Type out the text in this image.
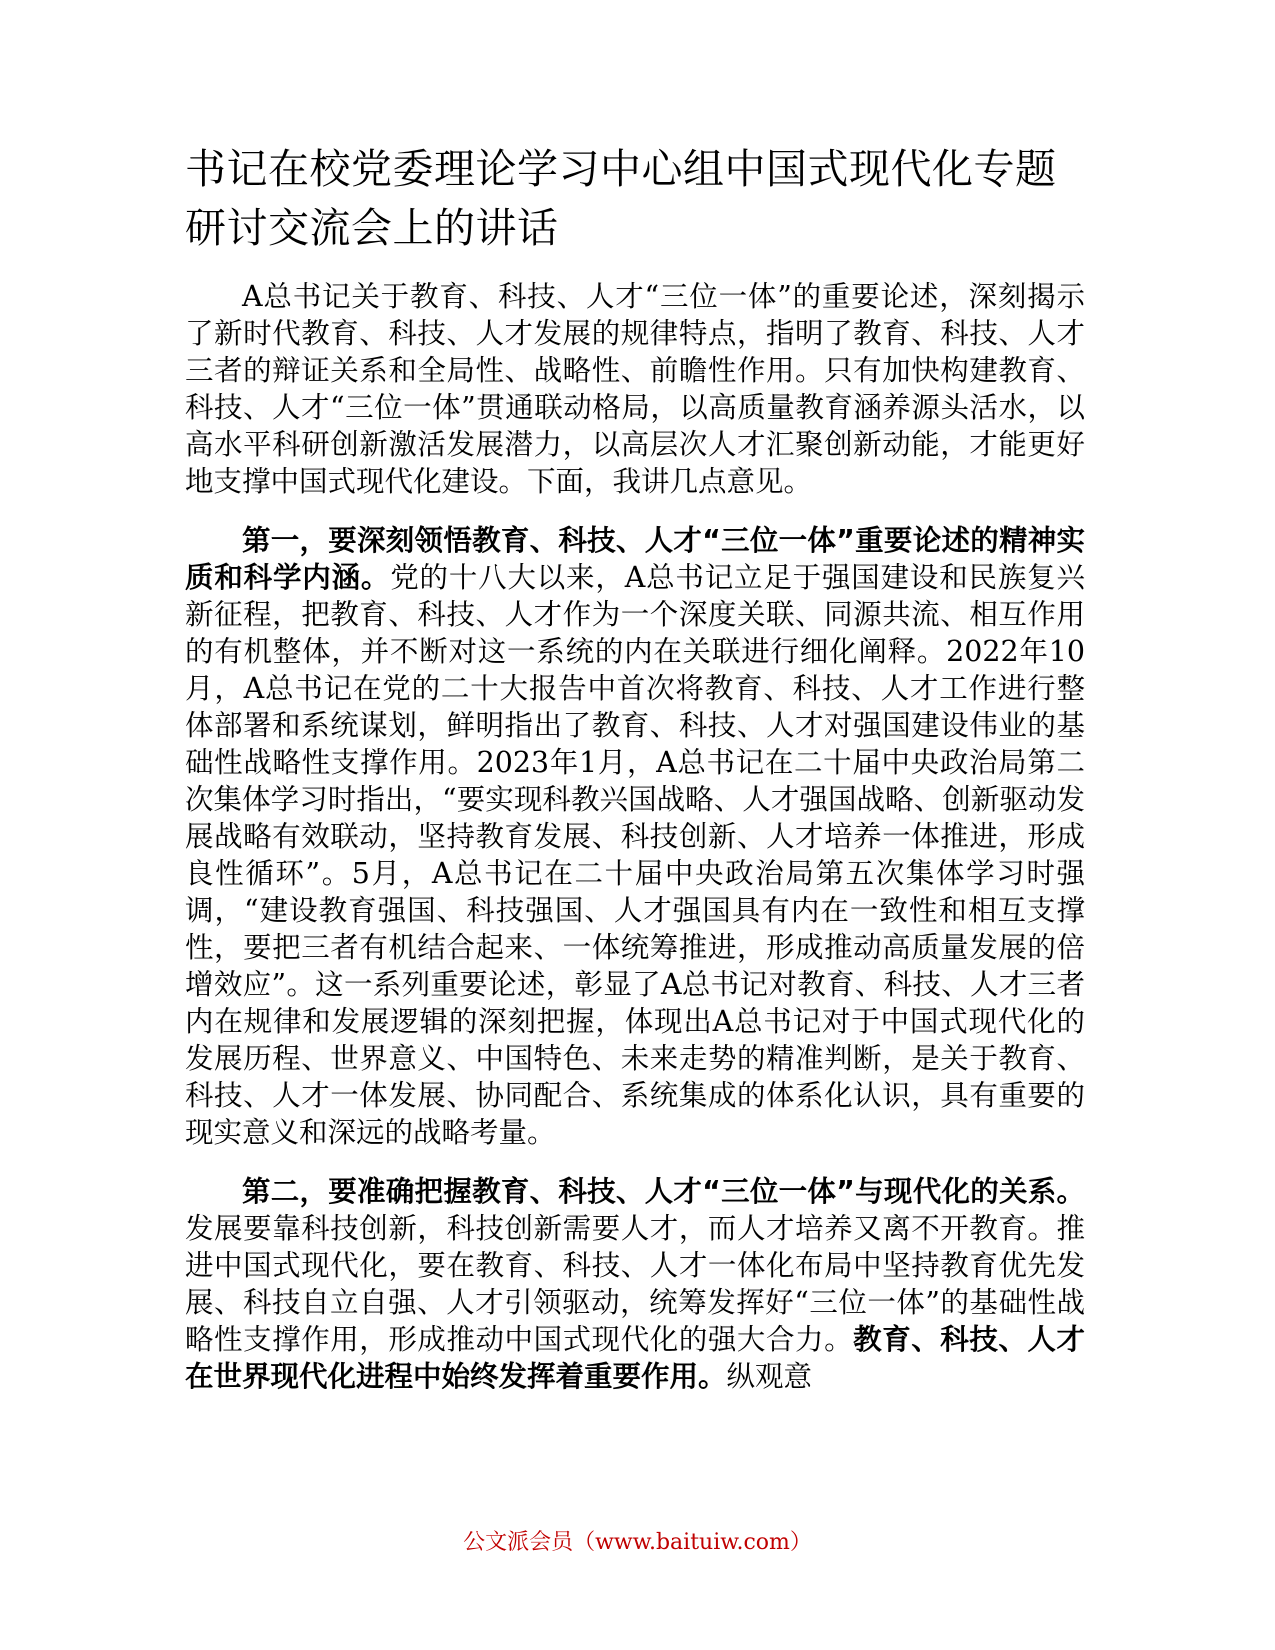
书记在校党委理论学习中心组中国式现代化专题研讨交流会上的讲话

A总书记关于教育、科技、人才“三位一体”的重要论述，深刻揭示了新时代教育、科技、人才发展的规律特点，指明了教育、科技、人才三者的辩证关系和全局性、战略性、前瞻性作用。只有加快构建教育、科技、人才“三位一体”贯通联动格局，以高质量教育涵养源头活水，以高水平科研创新激活发展潜力，以高层次人才汇聚创新动能，才能更好地支撑中国式现代化建设。下面，我讲几点意见。

第一，要深刻领悟教育、科技、人才“三位一体”重要论述的精神实质和科学内涵。党的十八大以来，A总书记立足于强国建设和民族复兴新征程，把教育、科技、人才作为一个深度关联、同源共流、相互作用的有机整体，并不断对这一系统的内在关联进行细化阐释。2022年10月，A总书记在党的二十大报告中首次将教育、科技、人才工作进行整体部署和系统谋划，鲜明指出了教育、科技、人才对强国建设伟业的基础性战略性支撑作用。2023年1月，A总书记在二十届中央政治局第二次集体学习时指出，“要实现科教兴国战略、人才强国战略、创新驱动发展战略有效联动，坚持教育发展、科技创新、人才培养一体推进，形成良性循环”。5月，A总书记在二十届中央政治局第五次集体学习时强调，“建设教育强国、科技强国、人才强国具有内在一致性和相互支撑性，要把三者有机结合起来、一体统筹推进，形成推动高质量发展的倍增效应”。这一系列重要论述，彰显了A总书记对教育、科技、人才三者内在规律和发展逻辑的深刻把握，体现出A总书记对于中国式现代化的发展历程、世界意义、中国特色、未来走势的精准判断，是关于教育、科技、人才一体发展、协同配合、系统集成的体系化认识，具有重要的现实意义和深远的战略考量。

第二，要准确把握教育、科技、人才“三位一体”与现代化的关系。发展要靠科技创新，科技创新需要人才，而人才培养又离不开教育。推进中国式现代化，要在教育、科技、人才一体化布局中坚持教育优先发展、科技自立自强、人才引领驱动，统筹发挥好“三位一体”的基础性战略性支撑作用，形成推动中国式现代化的强大合力。教育、科技、人才在世界现代化进程中始终发挥着重要作用。纵观意

公文派会员（www.baituiw.com）
